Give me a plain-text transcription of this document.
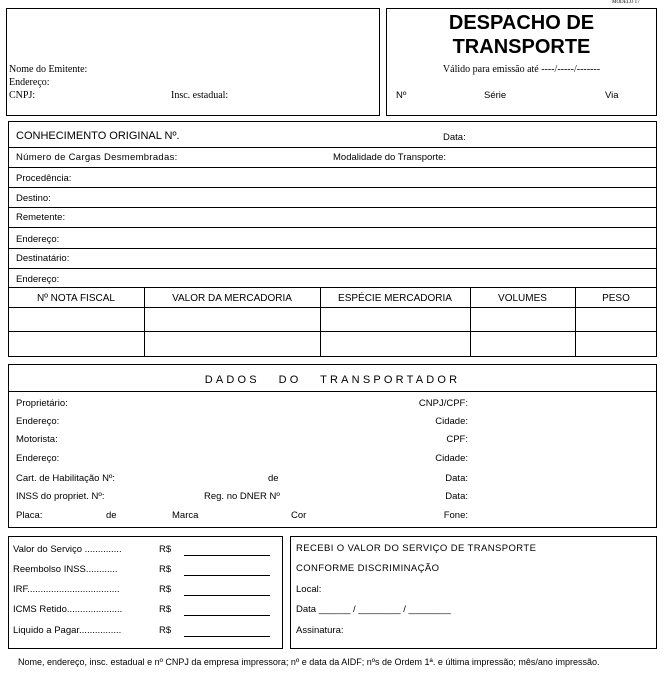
MODELO 17
Nome do Emitente:
Endereço:
CNPJ:	Insc. estadual:
DESPACHO DE
TRANSPORTE
Válido para emissão até ----/-----/-------
Nº	Série	Via
CONHECIMENTO ORIGINAL Nº.	Data:
Número de Cargas Desmembradas:	Modalidade do Transporte:
Procedência:
Destino:
Remetente:
Endereço:
Destinatário:
Endereço:
Nº NOTA FISCAL	VALOR DA MERCADORIA	ESPÉCIE MERCADORIA	VOLUMES	PESO
DADOS   DO   TRANSPORTADOR
Proprietário:	CNPJ/CPF:
Endereço:	Cidade:
Motorista:	CPF:
Endereço:	Cidade:
Cart. de Habilitação Nº:	de	Data:
INSS do propriet. Nº:	Reg. no DNER Nº	Data:
Placa:	de	Marca	Cor	Fone:
Valor do Serviço ..............	R$
Reembolso INSS............	R$
IRF...................................	R$
ICMS Retido.....................	R$
Liquido a Pagar................	R$
RECEBI O VALOR DO SERVIÇO DE TRANSPORTE
CONFORME DISCRIMINAÇÃO
Local:
Data ______ / ________ / ________
Assinatura:
Nome, endereço, insc. estadual e nº CNPJ da empresa impressora; nº e data da AIDF; nºs de Ordem 1ª. e última impressão; mês/ano impressão.
